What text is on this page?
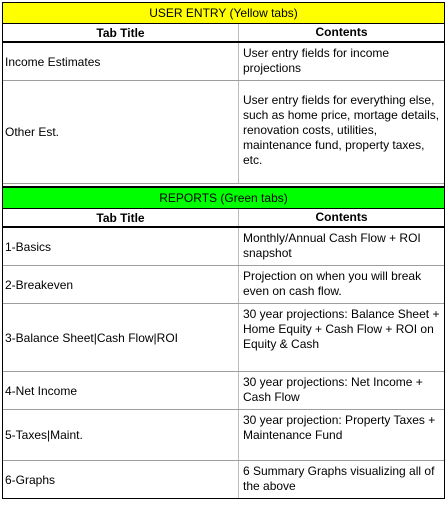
USER ENTRY (Yellow tabs)
Tab Title	Contents
Income Estimates
User entry fields for income projections
Other Est.
User entry fields for everything else, such as home price, mortage details, renovation costs, utilities, maintenance fund, property taxes, etc.
REPORTS (Green tabs)
Tab Title	Contents
1-Basics
Monthly/Annual Cash Flow + ROI snapshot
2-Breakeven
Projection on when you will break even on cash flow.
3-Balance Sheet|Cash Flow|ROI
30 year projections: Balance Sheet + Home Equity + Cash Flow + ROI on Equity & Cash
4-Net Income
30 year projections: Net Income + Cash Flow
5-Taxes|Maint.
30 year projection: Property Taxes + Maintenance Fund
6-Graphs
6 Summary Graphs visualizing all of the above
